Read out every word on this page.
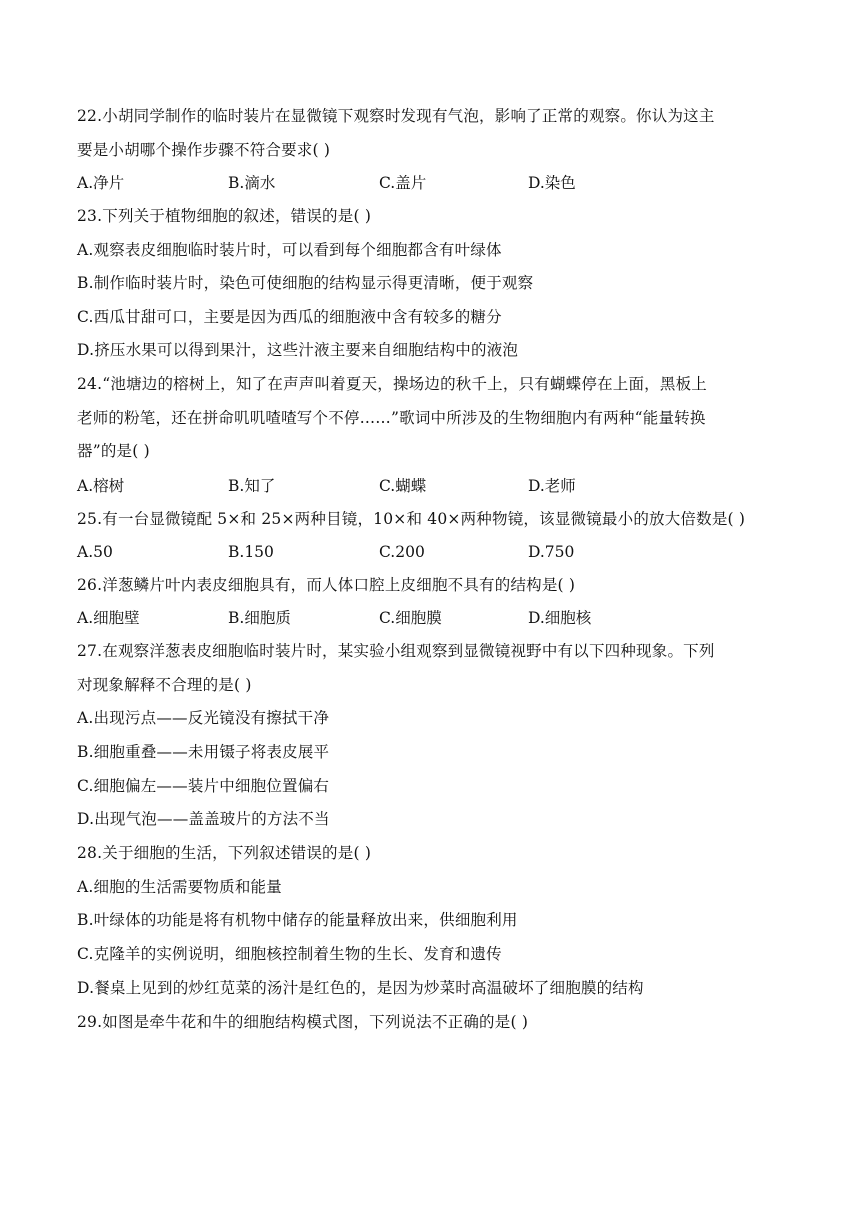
22.小胡同学制作的临时装片在显微镜下观察时发现有气泡，影响了正常的观察。你认为这主
要是小胡哪个操作步骤不符合要求( )
A.净片	B.滴水	C.盖片	D.染色
23.下列关于植物细胞的叙述，错误的是( )
A.观察表皮细胞临时装片时，可以看到每个细胞都含有叶绿体
B.制作临时装片时，染色可使细胞的结构显示得更清晰，便于观察
C.西瓜甘甜可口，主要是因为西瓜的细胞液中含有较多的糖分
D.挤压水果可以得到果汁，这些汁液主要来自细胞结构中的液泡
24.“池塘边的榕树上，知了在声声叫着夏天，操场边的秋千上，只有蝴蝶停在上面，黑板上
老师的粉笔，还在拼命叽叽喳喳写个不停……”歌词中所涉及的生物细胞内有两种“能量转换
器”的是( )
A.榕树	B.知了	C.蝴蝶	D.老师
25.有一台显微镜配 5×和 25×两种目镜，10×和 40×两种物镜，该显微镜最小的放大倍数是( )
A.50	B.150	C.200	D.750
26.洋葱鳞片叶内表皮细胞具有，而人体口腔上皮细胞不具有的结构是( )
A.细胞壁	B.细胞质	C.细胞膜	D.细胞核
27.在观察洋葱表皮细胞临时装片时，某实验小组观察到显微镜视野中有以下四种现象。下列
对现象解释不合理的是( )
A.出现污点——反光镜没有擦拭干净
B.细胞重叠——未用镊子将表皮展平
C.细胞偏左——装片中细胞位置偏右
D.出现气泡——盖盖玻片的方法不当
28.关于细胞的生活，下列叙述错误的是( )
A.细胞的生活需要物质和能量
B.叶绿体的功能是将有机物中储存的能量释放出来，供细胞利用
C.克隆羊的实例说明，细胞核控制着生物的生长、发育和遗传
D.餐桌上见到的炒红苋菜的汤汁是红色的，是因为炒菜时高温破坏了细胞膜的结构
29.如图是牵牛花和牛的细胞结构模式图，下列说法不正确的是( )
